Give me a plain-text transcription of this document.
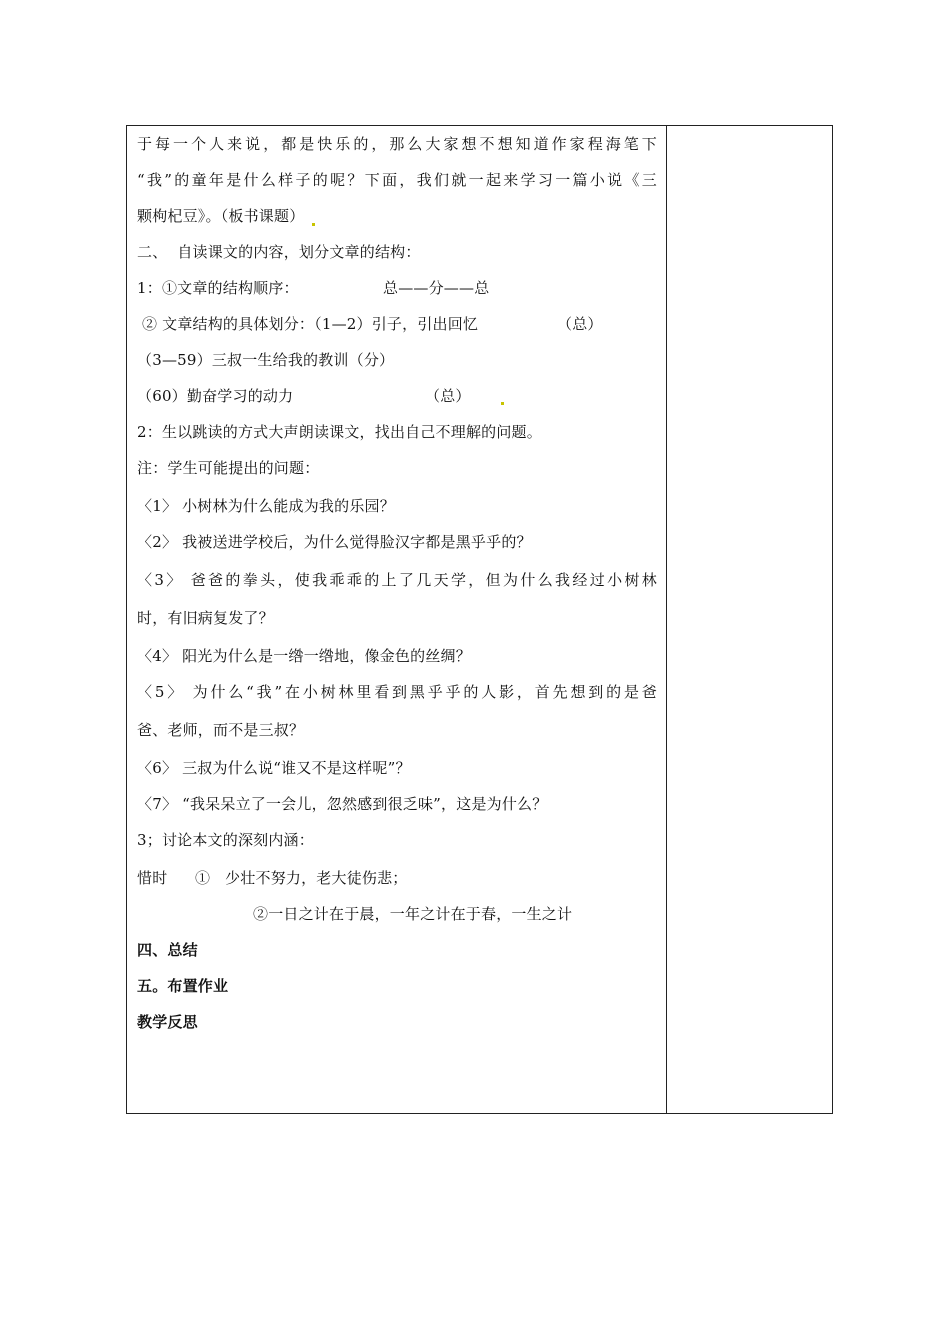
于每一个人来说，都是快乐的，那么大家想不想知道作家程海笔下
“我”的童年是什么样子的呢？下面，我们就一起来学习一篇小说《三
颗枸杞豆》。（板书课题）
二、  自读课文的内容，划分文章的结构：
1：①文章的结构顺序：	总——分——总
② 文章结构的具体划分：（1—2）引子，引出回忆	（总）
（3—59）三叔一生给我的教训（分）
（60）勤奋学习的动力	（总）
2：生以跳读的方式大声朗读课文，找出自己不理解的问题。
注：学生可能提出的问题：
〈1〉 小树林为什么能成为我的乐园？
〈2〉 我被送进学校后，为什么觉得脸汉字都是黑乎乎的？
〈3〉 爸爸的拳头，使我乖乖的上了几天学，但为什么我经过小树林
时，有旧病复发了？
〈4〉 阳光为什么是一绺一绺地，像金色的丝绸？
〈5〉 为什么“我”在小树林里看到黑乎乎的人影，首先想到的是爸
爸、老师，而不是三叔？
〈6〉 三叔为什么说“谁又不是这样呢”？
〈7〉 “我呆呆立了一会儿，忽然感到很乏味”，这是为什么？
3；讨论本文的深刻内涵：
惜时 ①   少壮不努力，老大徒伤悲；
②一日之计在于晨，一年之计在于春，一生之计
四、总结
五。布置作业
教学反思
